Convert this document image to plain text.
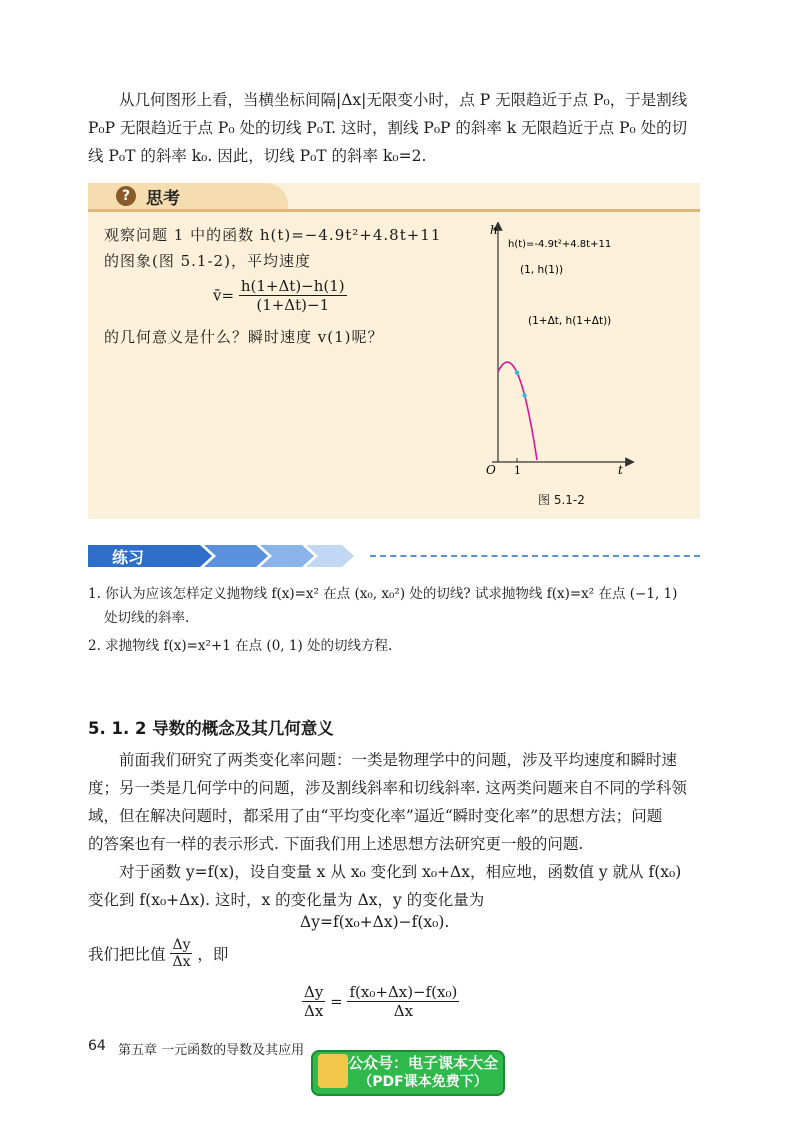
从几何图形上看，当横坐标间隔|Δx|无限变小时，点 P 无限趋近于点 P₀，于是割线

P₀P 无限趋近于点 P₀ 处的切线 P₀T. 这时，割线 P₀P 的斜率 k 无限趋近于点 P₀ 处的切

线 P₀T 的斜率 k₀. 因此，切线 P₀T 的斜率 k₀=2.

? 思考
观察问题 1 中的函数 h(t)=−4.9t²+4.8t+11
的图象(图 5.1-2)，平均速度
v̄= $\frac{h(1+\Delta t)-h(1)}{(1+\Delta t)-1}$
的几何意义是什么？瞬时速度 v(1)呢？
h
t
O 1
h(t)=-4.9t²+4.8t+11
(1, h(1))
(1+Δt, h(1+Δt))
图 5.1-2
练习
1. 你认为应该怎样定义抛物线 f(x)=x² 在点 (x₀, x₀²) 处的切线? 试求抛物线 f(x)=x² 在点 (−1, 1)
处切线的斜率.
2. 求抛物线 f(x)=x²+1 在点 (0, 1) 处的切线方程.
5. 1. 2 导数的概念及其几何意义

前面我们研究了两类变化率问题：一类是物理学中的问题，涉及平均速度和瞬时速

度；另一类是几何学中的问题，涉及割线斜率和切线斜率. 这两类问题来自不同的学科领

域，但在解决问题时，都采用了由“平均变化率”逼近“瞬时变化率”的思想方法；问题

的答案也有一样的表示形式. 下面我们用上述思想方法研究更一般的问题.

对于函数 y=f(x)，设自变量 x 从 x₀ 变化到 x₀+Δx，相应地，函数值 y 就从 f(x₀)

变化到 f(x₀+Δx). 这时，x 的变化量为 Δx，y 的变化量为

Δy=f(x₀+Δx)−f(x₀).
我们把比值 $\frac{\Delta y}{\Delta x}$ ，即
$\frac{\Delta y}{\Delta x} = \frac{\text{f(x₀+Δx)−f(x₀)}}{\Delta x}$
64 第五章 一元函数的导数及其应用
公众号：电子课本大全
（PDF课本免费下）
